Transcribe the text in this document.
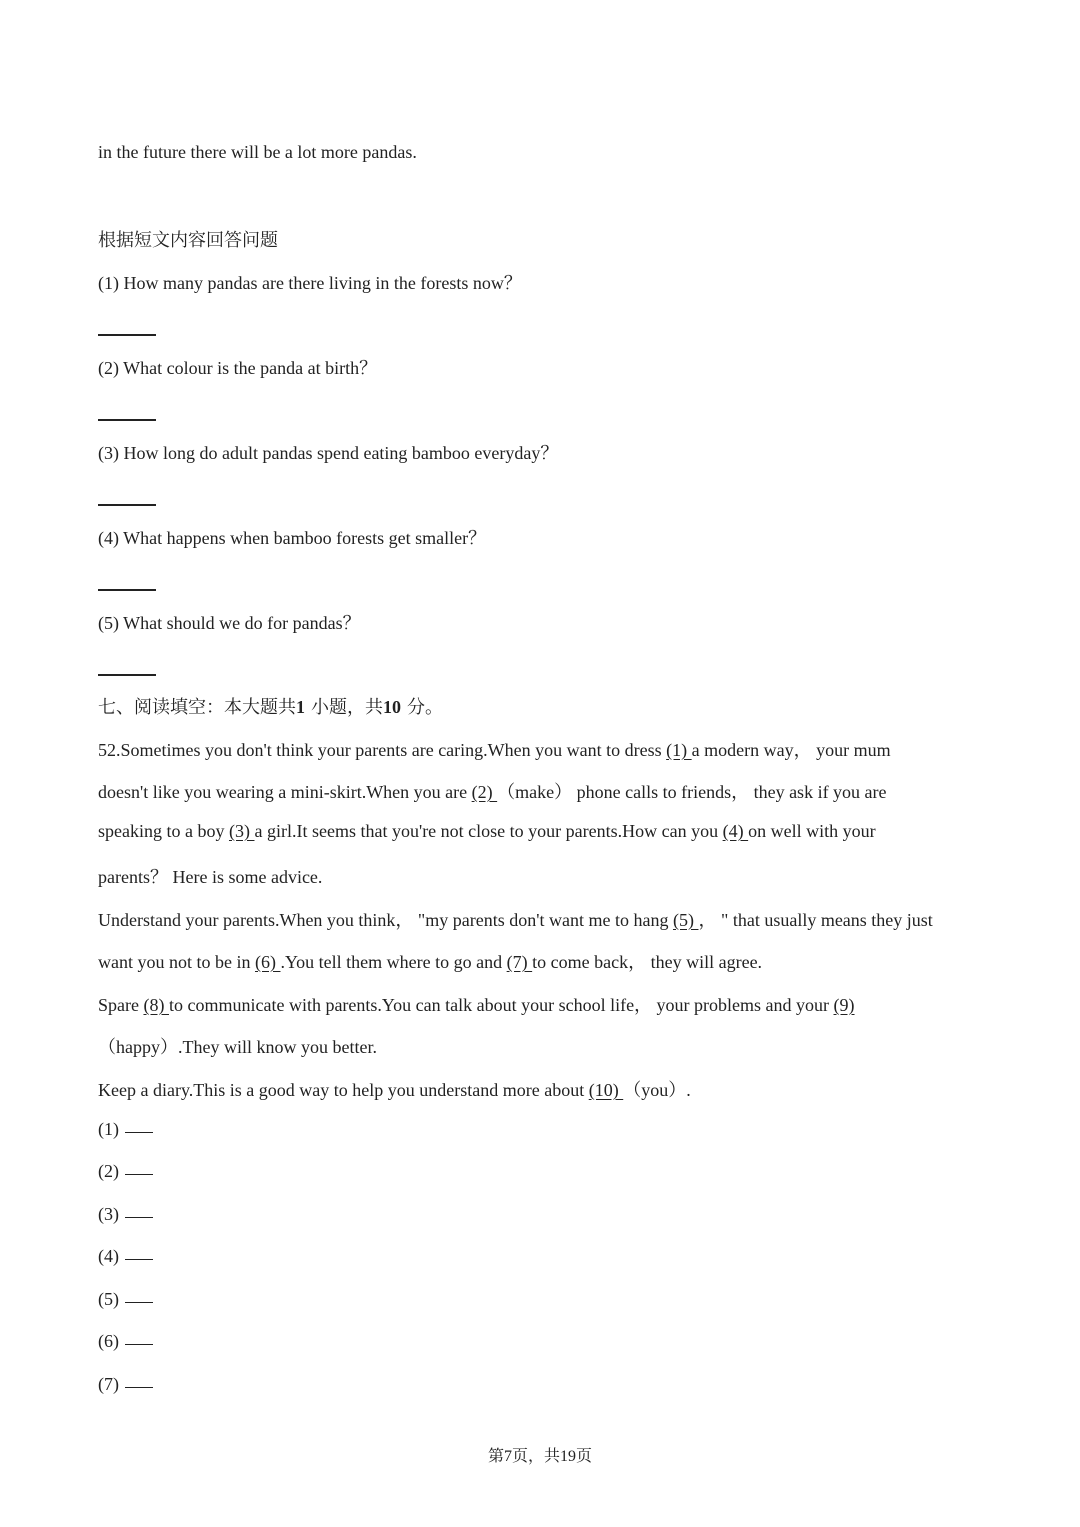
in the future there will be a lot more pandas.
根据短文内容回答问题
(1) How many pandas are there living in the forests now？
(2) What colour is the panda at birth？
(3) How long do adult pandas spend eating bamboo everyday？
(4) What happens when bamboo forests get smaller？
(5) What should we do for pandas？
七、阅读填空：本大题共1 小题，共10 分。
52.Sometimes you don't think your parents are caring.When you want to dress (1) a modern way， your mum
doesn't like you wearing a mini-skirt.When you are (2) （make） phone calls to friends， they ask if you are
speaking to a boy (3) a girl.It seems that you're not close to your parents.How can you (4) on well with your
parents？ Here is some advice.
Understand your parents.When you think， "my parents don't want me to hang (5) ， " that usually means they just
want you not to be in (6) .You tell them where to go and (7) to come back， they will agree.
Spare (8) to communicate with parents.You can talk about your school life， your problems and your (9)
（happy）.They will know you better.
Keep a diary.This is a good way to help you understand more about (10) （you）.
(1)
(2)
(3)
(4)
(5)
(6)
(7)
第7页，共19页
